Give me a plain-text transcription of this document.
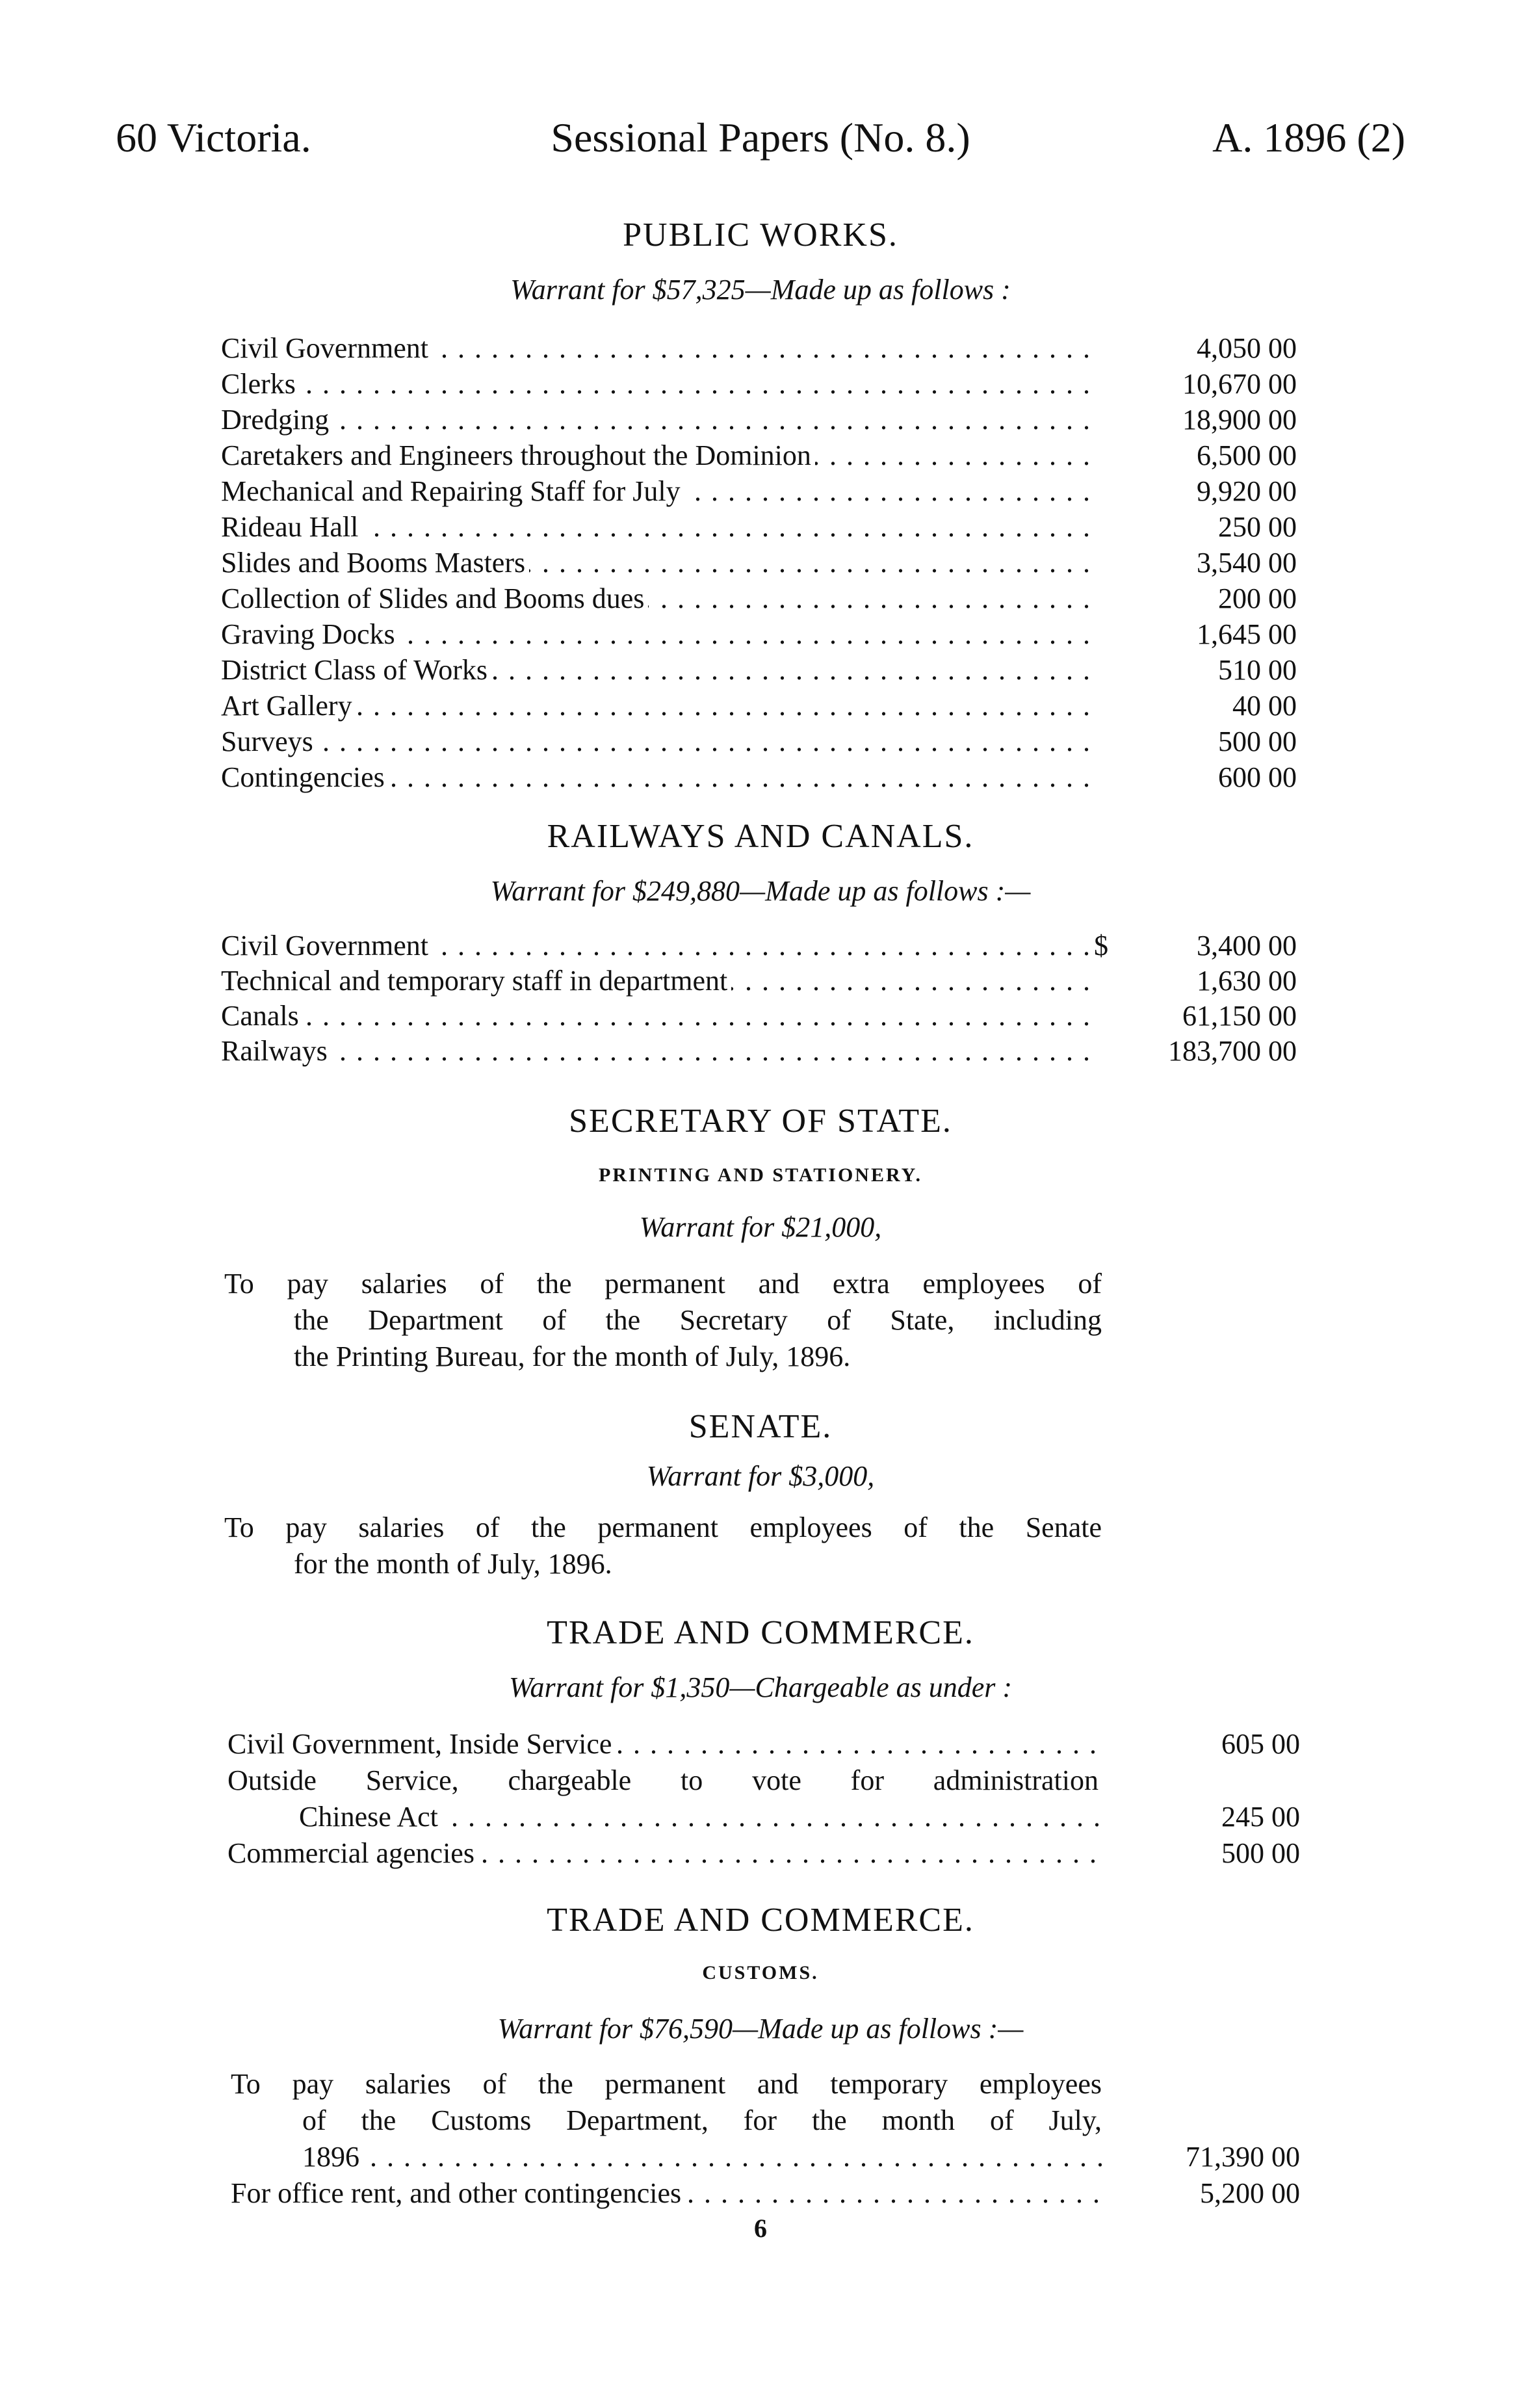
60 Victoria.	Sessional Papers (No. 8.)	A. 1896 (2)
PUBLIC WORKS.
Warrant for $57,325—Made up as follows :
Civil Government . . .	4,050 00
Clerks . . .	10,670 00
Dredging . . .	18,900 00
Caretakers and Engineers throughout the Dominion . . .	6,500 00
Mechanical and Repairing Staff for July . . .	9,920 00
Rideau Hall . . .	250 00
Slides and Booms Masters . . .	3,540 00
Collection of Slides and Booms dues . . .	200 00
Graving Docks . . .	1,645 00
District Class of Works . . .	510 00
Art Gallery . . .	40 00
Surveys . . .	500 00
Contingencies . . .	600 00
RAILWAYS AND CANALS.
Warrant for $249,880—Made up as follows :—
Civil Government . . .	$	3,400 00
Technical and temporary staff in department . . .	1,630 00
Canals . . .	61,150 00
Railways . . .	183,700 00
SECRETARY OF STATE.
PRINTING AND STATIONERY.
Warrant for $21,000,
To pay salaries of the permanent and extra employees of
the Department of the Secretary of State, including
the Printing Bureau, for the month of July, 1896.
SENATE.
Warrant for $3,000,
To pay salaries of the permanent employees of the Senate
for the month of July, 1896.
TRADE AND COMMERCE.
Warrant for $1,350—Chargeable as under :
Civil Government, Inside Service . . .	605 00
Outside Service, chargeable to vote for administration
Chinese Act . . .	245 00
Commercial agencies . . .	500 00
TRADE AND COMMERCE.
CUSTOMS.
Warrant for $76,590—Made up as follows :—
To pay salaries of the permanent and temporary employees
of the Customs Department, for the month of July,
1896 . . .	71,390 00
For office rent, and other contingencies . . .	5,200 00
6
